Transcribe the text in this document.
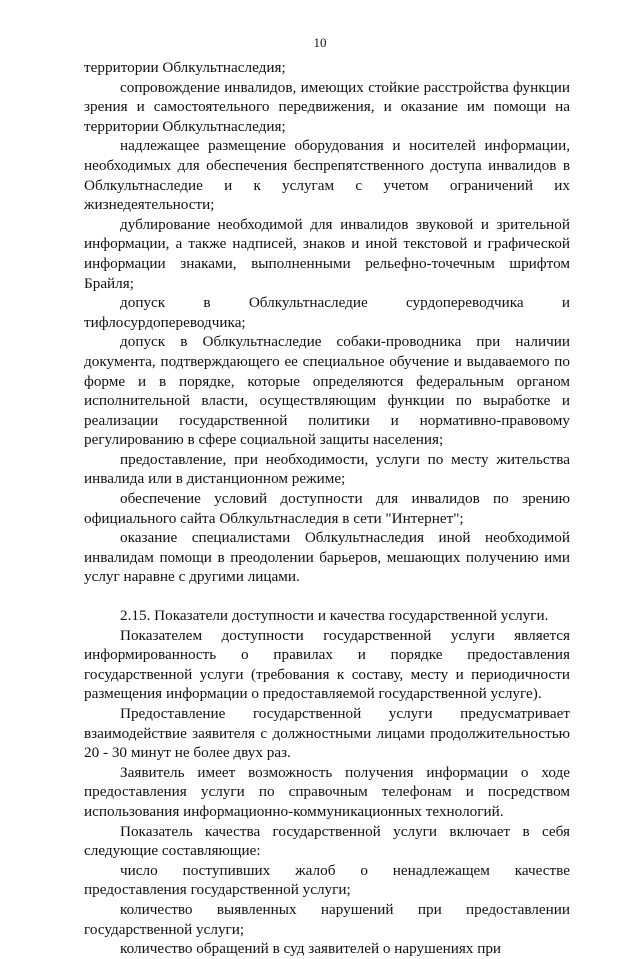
10

территории Облкультнаследия;

сопровождение инвалидов, имеющих стойкие расстройства функции зрения и самостоятельного передвижения, и оказание им помощи на территории Облкультнаследия;

надлежащее размещение оборудования и носителей информации, необходимых для обеспечения беспрепятственного доступа инвалидов в Облкультнаследие и к услугам с учетом ограничений их жизнедеятельности;

дублирование необходимой для инвалидов звуковой и зрительной информации, а также надписей, знаков и иной текстовой и графической информации знаками, выполненными рельефно-точечным шрифтом Брайля;

допуск в Облкультнаследие сурдопереводчика и тифлосурдопереводчика;

допуск в Облкультнаследие собаки-проводника при наличии документа, подтверждающего ее специальное обучение и выдаваемого по форме и в порядке, которые определяются федеральным органом исполнительной власти, осуществляющим функции по выработке и реализации государственной политики и нормативно-правовому регулированию в сфере социальной защиты населения;

предоставление, при необходимости, услуги по месту жительства инвалида или в дистанционном режиме;

обеспечение условий доступности для инвалидов по зрению официального сайта Облкультнаследия в сети "Интернет";

оказание специалистами Облкультнаследия иной необходимой инвалидам помощи в преодолении барьеров, мешающих получению ими услуг наравне с другими лицами.

2.15. Показатели доступности и качества государственной услуги.

Показателем доступности государственной услуги является информированность о правилах и порядке предоставления государственной услуги (требования к составу, месту и периодичности размещения информации о предоставляемой государственной услуге).

Предоставление государственной услуги предусматривает взаимодействие заявителя с должностными лицами продолжительностью 20 - 30 минут не более двух раз.

Заявитель имеет возможность получения информации о ходе предоставления услуги по справочным телефонам и посредством использования информационно-коммуникационных технологий.

Показатель качества государственной услуги включает в себя следующие составляющие:

число поступивших жалоб о ненадлежащем качестве предоставления государственной услуги;

количество выявленных нарушений при предоставлении государственной услуги;

количество обращений в суд заявителей о нарушениях при
